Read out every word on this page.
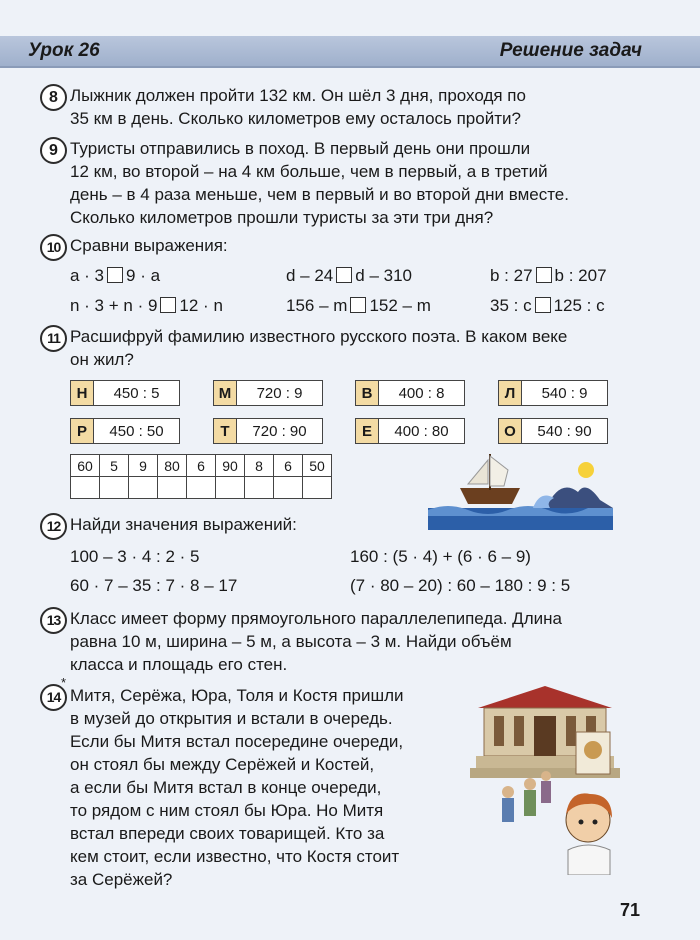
Урок 26	Решение задач
8 Лыжник должен пройти 132 км. Он шёл 3 дня, проходя по
35 км в день. Сколько километров ему осталось пройти?
9 Туристы отправились в поход. В первый день они прошли
12 км, во второй – на 4 км больше, чем в первый, а в третий
день – в 4 раза меньше, чем в первый и во второй дни вместе.
Сколько километров прошли туристы за эти три дня?
10 Сравни выражения:
a · 3 9 · a	d – 24 d – 310	b : 27 b : 207
n · 3 + n · 9 12 · n	156 – m 152 – m	35 : c 125 : c
11 Расшифруй фамилию известного русского поэта. В каком веке
он жил?
Н	450 : 5	М	720 : 9	В	400 : 8	Л	540 : 9
Р	450 : 50	Т	720 : 90	Е	400 : 80	О	540 : 90
60	5	9	80	6	90	8	6	50

12 Найди значения выражений:
100 – 3 · 4 : 2 · 5	160 : (5 · 4) + (6 · 6 – 9)
60 · 7 – 35 : 7 · 8 – 17	(7 · 80 – 20) : 60 – 180 : 9 : 5
13 Класс имеет форму прямоугольного параллелепипеда. Длина
равна 10 м, ширина – 5 м, а высота – 3 м. Найди объём
класса и площадь его стен.
14
*
Митя, Серёжа, Юра, Толя и Костя пришли
в музей до открытия и встали в очередь.
Если бы Митя встал посередине очереди,
он стоял бы между Серёжей и Костей,
а если бы Митя встал в конце очереди,
то рядом с ним стоял бы Юра. Но Митя
встал впереди своих товарищей. Кто за
кем стоит, если известно, что Костя стоит
за Серёжей?
71
